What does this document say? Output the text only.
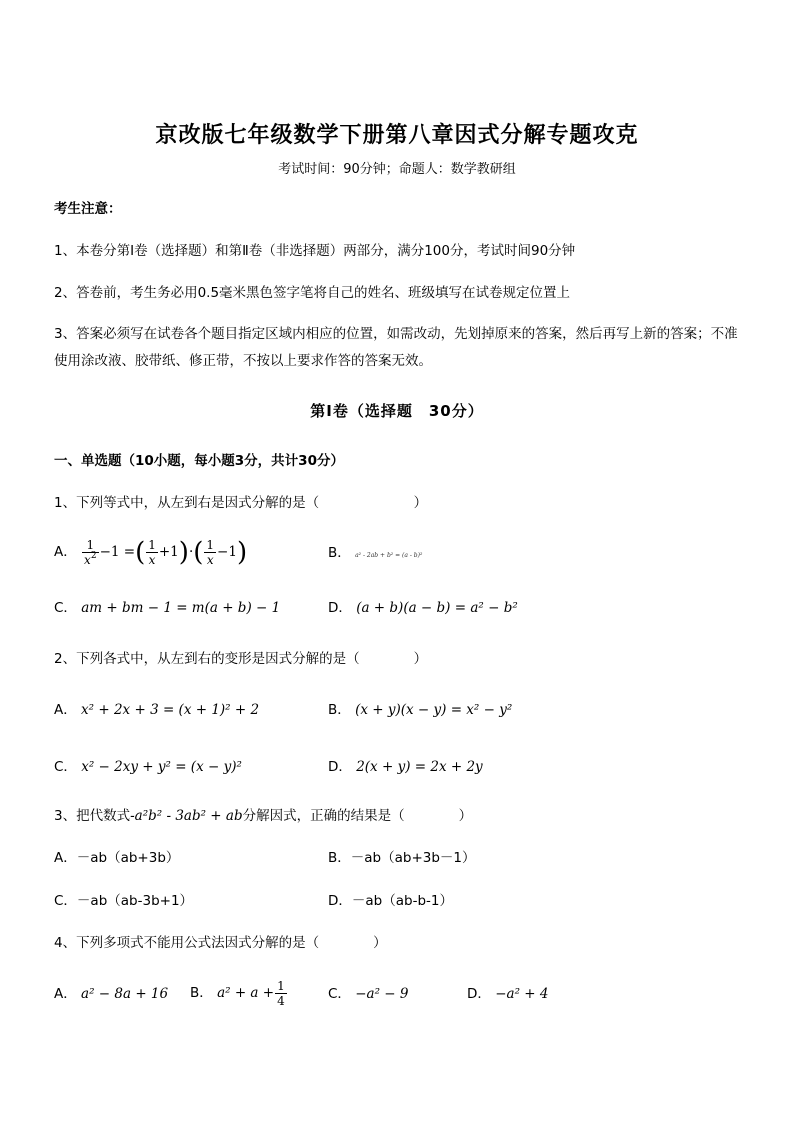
京改版七年级数学下册第八章因式分解专题攻克
考试时间：90分钟；命题人：数学教研组
考生注意：
1、本卷分第Ⅰ卷（选择题）和第Ⅱ卷（非选择题）两部分，满分100分，考试时间90分钟
2、答卷前，考生务必用0.5毫米黑色签字笔将自己的姓名、班级填写在试卷规定位置上
3、答案必须写在试卷各个题目指定区域内相应的位置，如需改动，先划掉原来的答案，然后再写上新的答案；不准使用涂改液、胶带纸、修正带，不按以上要求作答的答案无效。
第Ⅰ卷（选择题　30分）
一、单选题（10小题，每小题3分，共计30分）
1、下列等式中，从左到右是因式分解的是（　　　　　　　）
A． $\frac{1}{x^2} -1$ =( $\frac{1}{x} +1)\cdot( \frac{1}{x} -1)$	B． a² - 2ab + b² = (a - b)²
C． am + bm − 1 = m(a + b) − 1	D． (a + b)(a − b) = a² − b²
2、下列各式中，从左到右的变形是因式分解的是（　　　　）
A． x² + 2x + 3 = (x + 1)² + 2	B． (x + y)(x − y) = x² − y²
C． x² − 2xy + y² = (x − y)²	D． 2(x + y) = 2x + 2y
3、把代数式-a²b² - 3ab² + ab分解因式，正确的结果是（　　　　）
A．－ab（ab+3b）	B．－ab（ab+3b－1）
C．－ab（ab-3b+1）	D．－ab（ab-b-1）
4、下列多项式不能用公式法因式分解的是（　　　　）
A． a² − 8a + 16 B． $a^2 + a + \frac{1}{4}$	C． −a² − 9	D． −a² + 4
